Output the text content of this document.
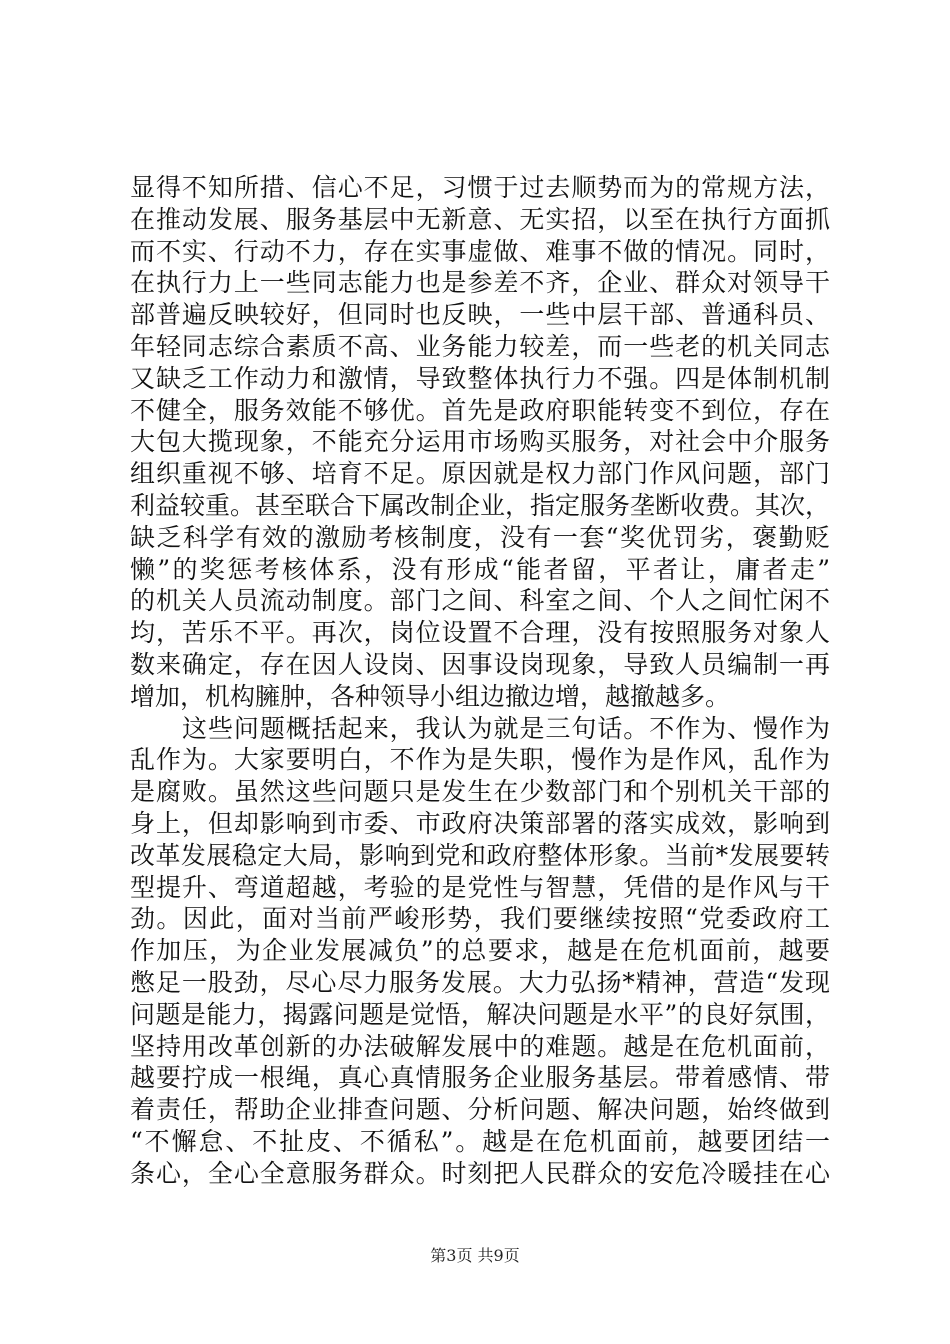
显得不知所措、信心不足，习惯于过去顺势而为的常规方法，
在推动发展、服务基层中无新意、无实招，以至在执行方面抓
而不实、行动不力，存在实事虚做、难事不做的情况。同时，
在执行力上一些同志能力也是参差不齐，企业、群众对领导干
部普遍反映较好，但同时也反映，一些中层干部、普通科员、
年轻同志综合素质不高、业务能力较差，而一些老的机关同志
又缺乏工作动力和激情，导致整体执行力不强。四是体制机制
不健全，服务效能不够优。首先是政府职能转变不到位，存在
大包大揽现象，不能充分运用市场购买服务，对社会中介服务
组织重视不够、培育不足。原因就是权力部门作风问题，部门
利益较重。甚至联合下属改制企业，指定服务垄断收费。其次，
缺乏科学有效的激励考核制度，没有一套“奖优罚劣，褒勤贬
懒”的奖惩考核体系，没有形成“能者留，平者让，庸者走”
的机关人员流动制度。部门之间、科室之间、个人之间忙闲不
均，苦乐不平。再次，岗位设置不合理，没有按照服务对象人
数来确定，存在因人设岗、因事设岗现象，导致人员编制一再
增加，机构臃肿，各种领导小组边撤边增，越撤越多。
这些问题概括起来，我认为就是三句话。不作为、慢作为
乱作为。大家要明白，不作为是失职，慢作为是作风，乱作为
是腐败。虽然这些问题只是发生在少数部门和个别机关干部的
身上，但却影响到市委、市政府决策部署的落实成效，影响到
改革发展稳定大局，影响到党和政府整体形象。当前*发展要转
型提升、弯道超越，考验的是党性与智慧，凭借的是作风与干
劲。因此，面对当前严峻形势，我们要继续按照“党委政府工
作加压，为企业发展减负”的总要求，越是在危机面前，越要
憋足一股劲，尽心尽力服务发展。大力弘扬*精神，营造“发现
问题是能力，揭露问题是觉悟，解决问题是水平”的良好氛围，
坚持用改革创新的办法破解发展中的难题。越是在危机面前，
越要拧成一根绳，真心真情服务企业服务基层。带着感情、带
着责任，帮助企业排查问题、分析问题、解决问题，始终做到
“不懈怠、不扯皮、不循私”。越是在危机面前，越要团结一
条心，全心全意服务群众。时刻把人民群众的安危冷暖挂在心
第3页 共9页
